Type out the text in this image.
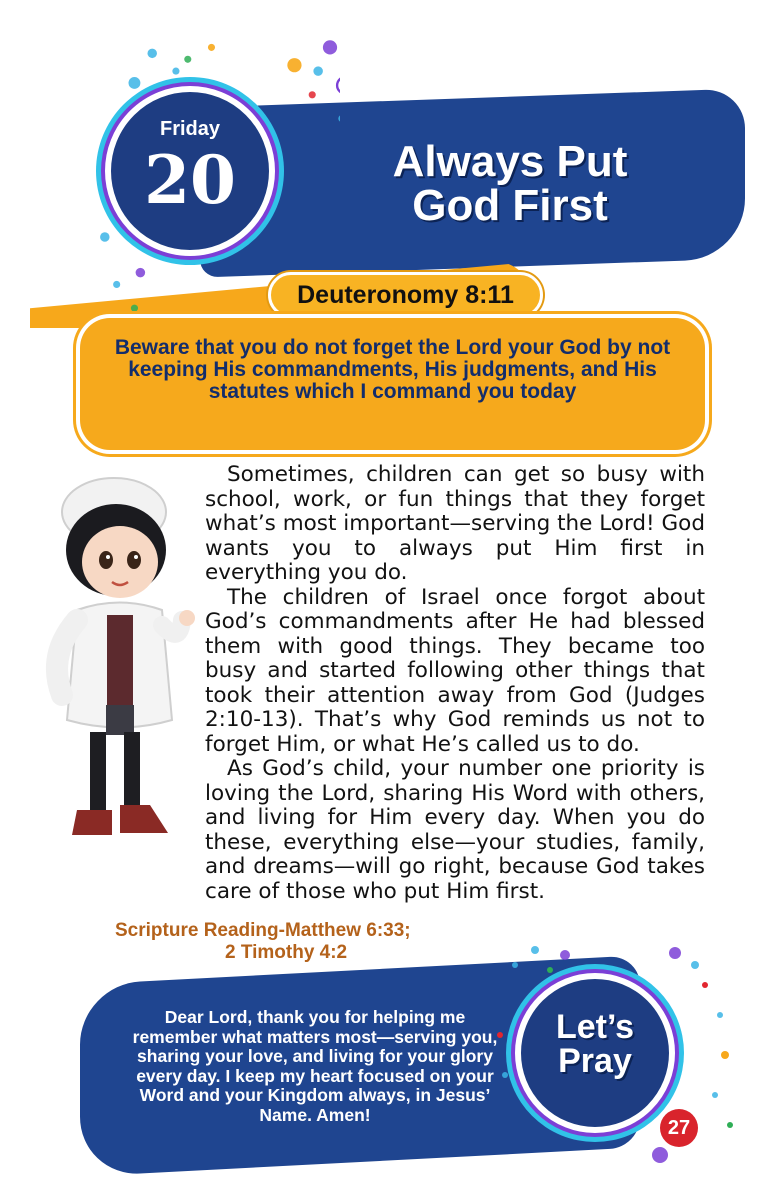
Always Put
God First
Friday
20
Deuteronomy 8:11
Beware that you do not forget the Lord your God by not keeping His commandments, His judgments, and His statutes which I command you today

Sometimes, children can get so busy with school, work, or fun things that they forget what’s most important—serving the Lord! God wants you to always put Him first in everything you do.

The children of Israel once forgot about God’s commandments after He had blessed them with good things. They became too busy and started following other things that took their attention away from God (Judges 2:10-13). That’s why God reminds us not to forget Him, or what He’s called us to do.

As God’s child, your number one priority is loving the Lord, sharing His Word with others, and living for Him every day. When you do these, everything else—your studies, family, and dreams—will go right, because God takes care of those who put Him first.

Scripture Reading-Matthew 6:33;
2 Timothy 4:2
Dear Lord, thank you for helping me remember what matters most—serving you, sharing your love, and living for your glory every day. I keep my heart focused on your Word and your Kingdom always, in Jesus’ Name. Amen!
Let’s
Pray
27
